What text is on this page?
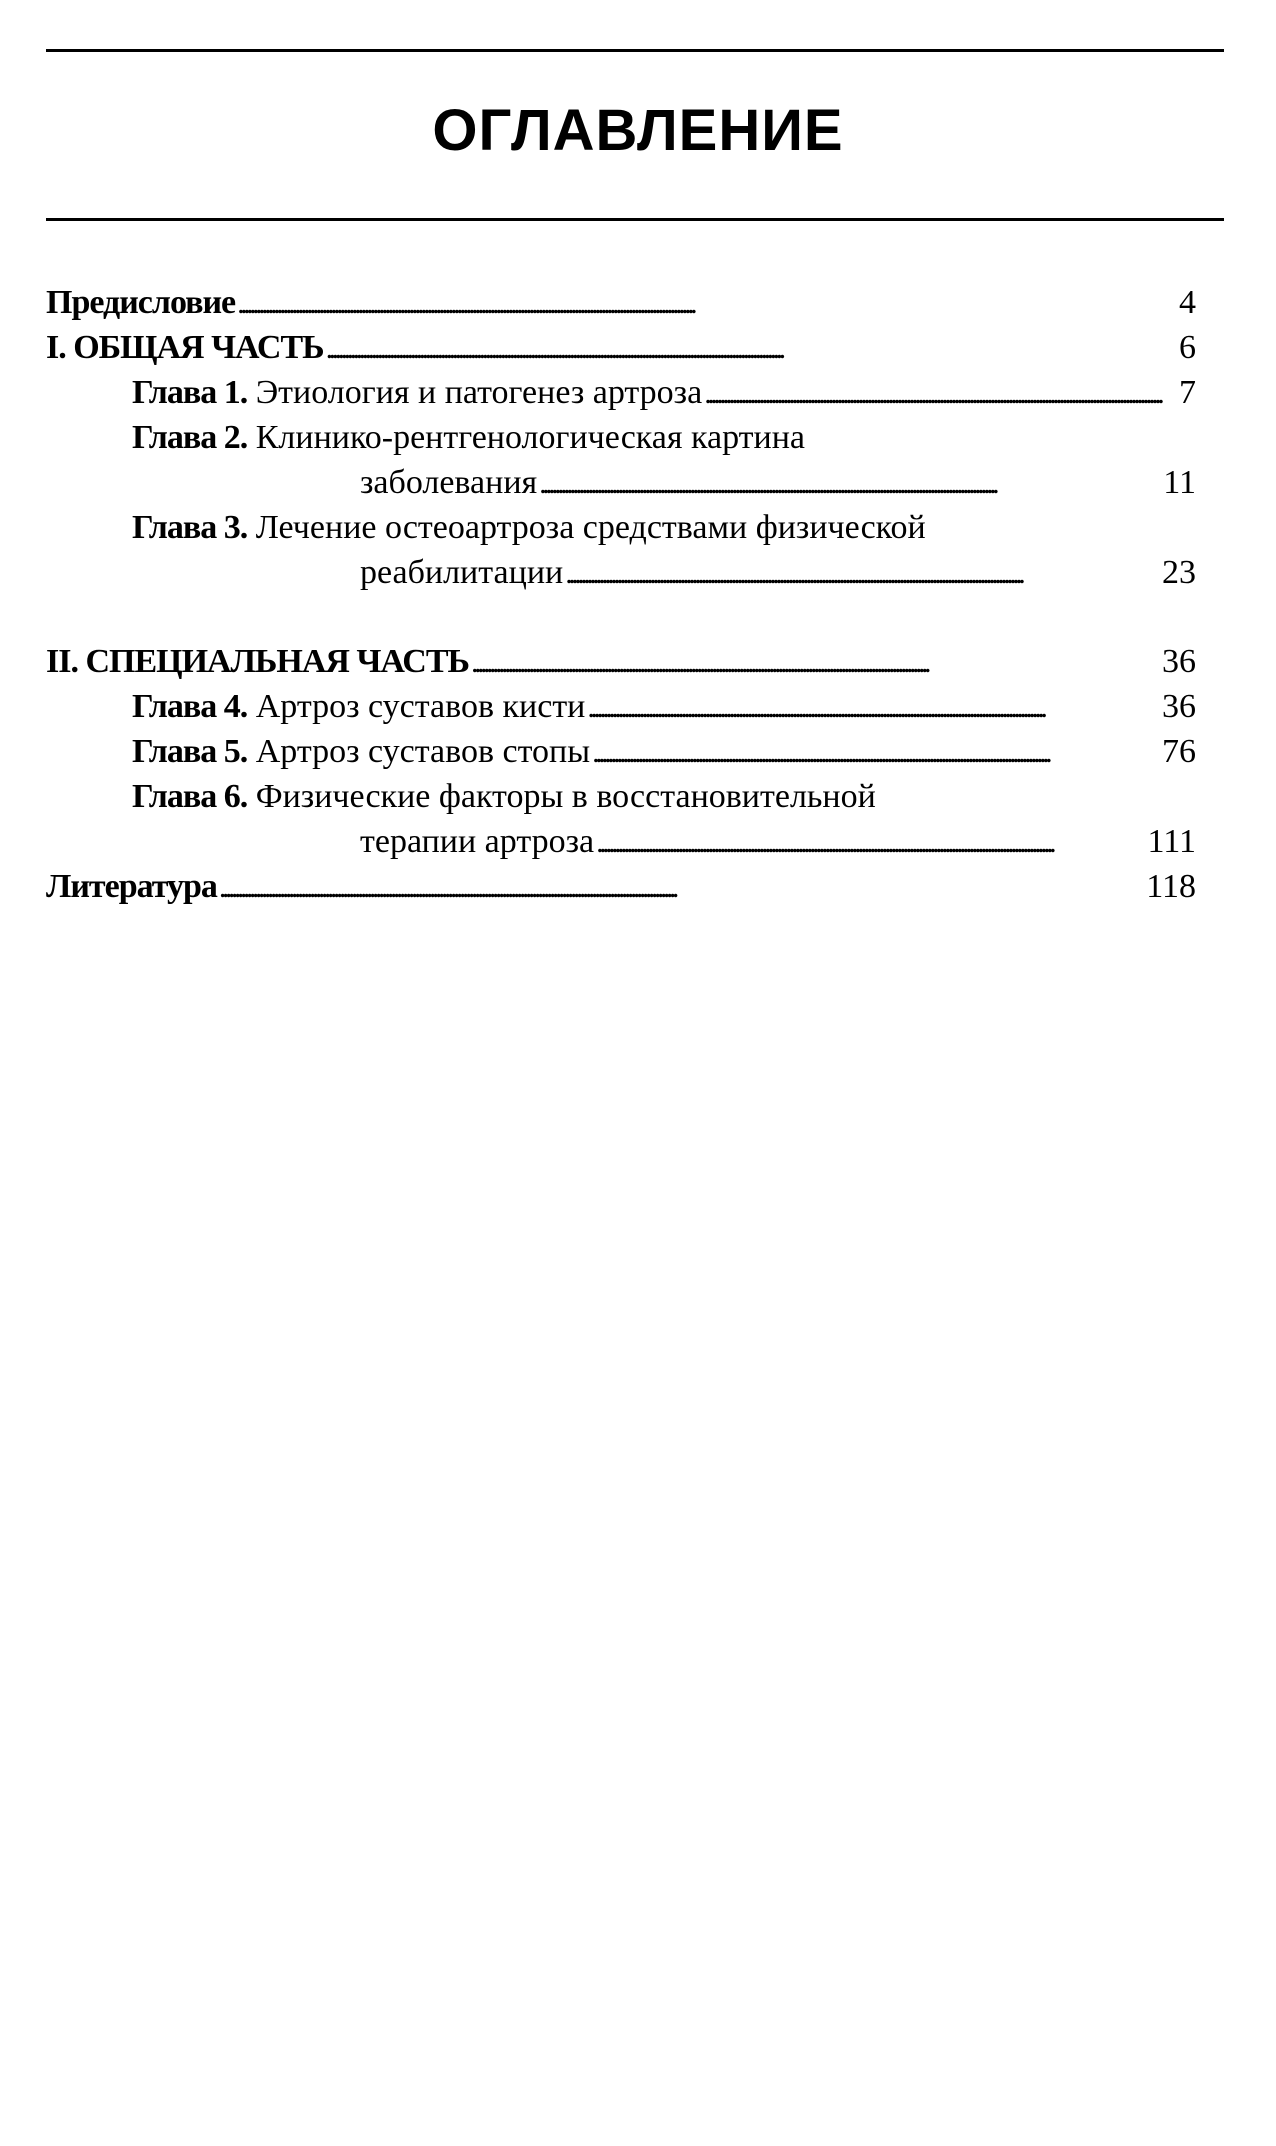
ОГЛАВЛЕНИЕ
Предисловие . . .	4
I. ОБЩАЯ ЧАСТЬ . . .	6
Глава 1.
Этиология и патогенез артроза . . .	7
Глава 2.
Клинико-рентгенологическая картина
заболевания . . .	11
Глава 3.
Лечение остеоартроза средствами физической
реабилитации . . .	23
II. СПЕЦИАЛЬНАЯ ЧАСТЬ . . .	36
Глава 4.
Артроз суставов кисти . . .	36
Глава 5.
Артроз суставов стопы . . .	76
Глава 6.
Физические факторы в восстановительной
терапии артроза . . .	111
Литература . . .	118
